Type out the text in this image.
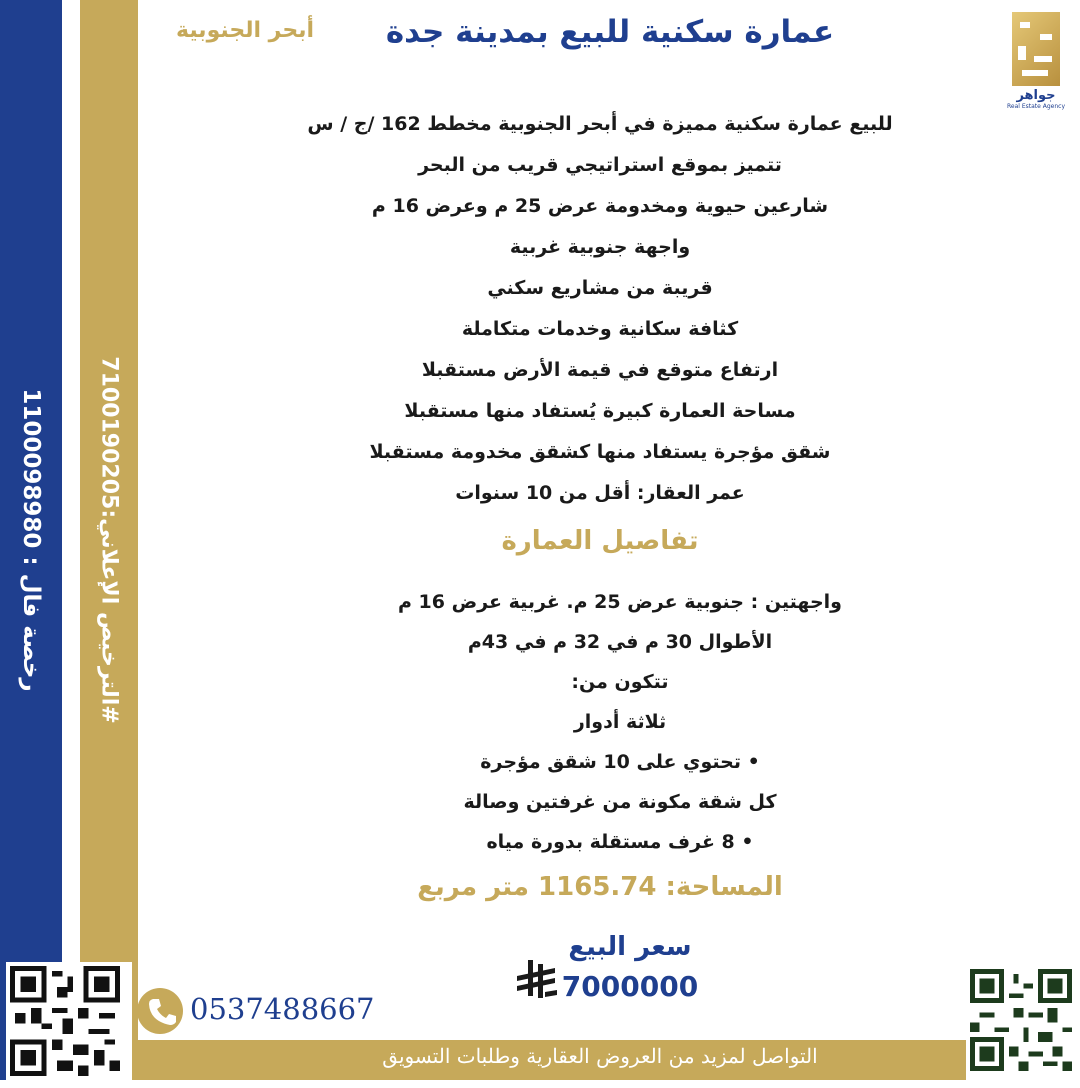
رخصة فال : 1100098980
الترخيص الإعلاني:7100190205#
عمارة سكنية للبيع بمدينة جدة
أبحر الجنوبية
جواهر
Real Estate Agency
للبيع عمارة سكنية مميزة في أبحر الجنوبية مخطط 162 /ج / س
تتميز بموقع استراتيجي قريب من البحر
شارعين حيوية ومخدومة عرض 25 م وعرض 16 م
واجهة جنوبية غربية
قريبة من مشاريع سكني
كثافة سكانية وخدمات متكاملة
ارتفاع متوقع في قيمة الأرض مستقبلا
مساحة العمارة كبيرة يُستفاد منها مستقبلا
شقق مؤجرة يستفاد منها كشقق مخدومة مستقبلا
عمر العقار: أقل من 10 سنوات
تفاصيل العمارة
واجهتين : جنوبية عرض 25 م. غربية عرض 16 م
الأطوال 30 م في 32 م في 43م
تتكون من:
ثلاثة أدوار
• تحتوي على 10 شقق مؤجرة
كل شقة مكونة من غرفتين وصالة
• 8 غرف مستقلة بدورة مياه
المساحة: 1165.74 متر مربع
سعر البيع
7000000
0537488667
التواصل لمزيد من العروض العقارية وطلبات التسويق
